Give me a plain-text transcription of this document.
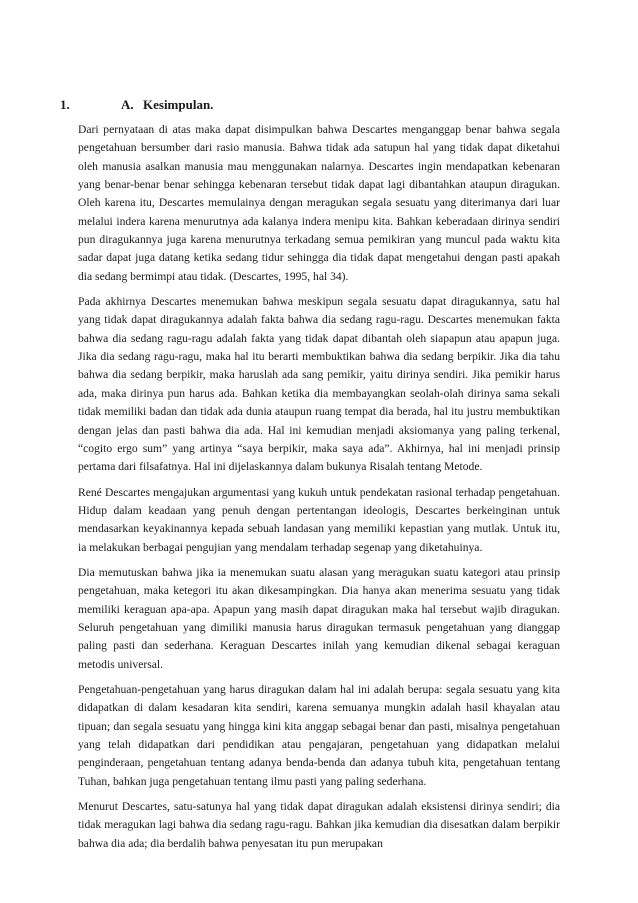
1.	A. Kesimpulan.

Dari pernyataan di atas maka dapat disimpulkan bahwa Descartes menganggap benar bahwa segala pengetahuan bersumber dari rasio manusia. Bahwa tidak ada satupun hal yang tidak dapat diketahui oleh manusia asalkan manusia mau menggunakan nalarnya. Descartes ingin mendapatkan kebenaran yang benar-benar benar sehingga kebenaran tersebut tidak dapat lagi dibantahkan ataupun diragukan. Oleh karena itu, Descartes memulainya dengan meragukan segala sesuatu yang diterimanya dari luar melalui indera karena menurutnya ada kalanya indera menipu kita. Bahkan keberadaan dirinya sendiri pun diragukannya juga karena menurutnya terkadang semua pemikiran yang muncul pada waktu kita sadar dapat juga datang ketika sedang tidur sehingga dia tidak dapat mengetahui dengan pasti apakah dia sedang bermimpi atau tidak. (Descartes, 1995, hal 34).

Pada akhirnya Descartes menemukan bahwa meskipun segala sesuatu dapat diragukannya, satu hal yang tidak dapat diragukannya adalah fakta bahwa dia sedang ragu-ragu. Descartes menemukan fakta bahwa dia sedang ragu-ragu adalah fakta yang tidak dapat dibantah oleh siapapun atau apapun juga. Jika dia sedang ragu-ragu, maka hal itu berarti membuktikan bahwa dia sedang berpikir. Jika dia tahu bahwa dia sedang berpikir, maka haruslah ada sang pemikir, yaitu dirinya sendiri. Jika pemikir harus ada, maka dirinya pun harus ada. Bahkan ketika dia membayangkan seolah-olah dirinya sama sekali tidak memiliki badan dan tidak ada dunia ataupun ruang tempat dia berada, hal itu justru membuktikan dengan jelas dan pasti bahwa dia ada. Hal ini kemudian menjadi aksiomanya yang paling terkenal, “cogito ergo sum” yang artinya “saya berpikir, maka saya ada”. Akhirnya, hal ini menjadi prinsip pertama dari filsafatnya. Hal ini dijelaskannya dalam bukunya Risalah tentang Metode.

René Descartes mengajukan argumentasi yang kukuh untuk pendekatan rasional terhadap pengetahuan. Hidup dalam keadaan yang penuh dengan pertentangan ideologis, Descartes berkeinginan untuk mendasarkan keyakinannya kepada sebuah landasan yang memiliki kepastian yang mutlak. Untuk itu, ia melakukan berbagai pengujian yang mendalam terhadap segenap yang diketahuinya.

Dia memutuskan bahwa jika ia menemukan suatu alasan yang meragukan suatu kategori atau prinsip pengetahuan, maka ketegori itu akan dikesampingkan. Dia hanya akan menerima sesuatu yang tidak memiliki keraguan apa-apa. Apapun yang masih dapat diragukan maka hal tersebut wajib diragukan. Seluruh pengetahuan yang dimiliki manusia harus diragukan termasuk pengetahuan yang dianggap paling pasti dan sederhana. Keraguan Descartes inilah yang kemudian dikenal sebagai keraguan metodis universal.

Pengetahuan-pengetahuan yang harus diragukan dalam hal ini adalah berupa: segala sesuatu yang kita didapatkan di dalam kesadaran kita sendiri, karena semuanya mungkin adalah hasil khayalan atau tipuan; dan segala sesuatu yang hingga kini kita anggap sebagai benar dan pasti, misalnya pengetahuan yang telah didapatkan dari pendidikan atau pengajaran, pengetahuan yang didapatkan melalui penginderaan, pengetahuan tentang adanya benda-benda dan adanya tubuh kita, pengetahuan tentang Tuhan, bahkan juga pengetahuan tentang ilmu pasti yang paling sederhana.

Menurut Descartes, satu-satunya hal yang tidak dapat diragukan adalah eksistensi dirinya sendiri; dia tidak meragukan lagi bahwa dia sedang ragu-ragu. Bahkan jika kemudian dia disesatkan dalam berpikir bahwa dia ada; dia berdalih bahwa penyesatan itu pun merupakan
